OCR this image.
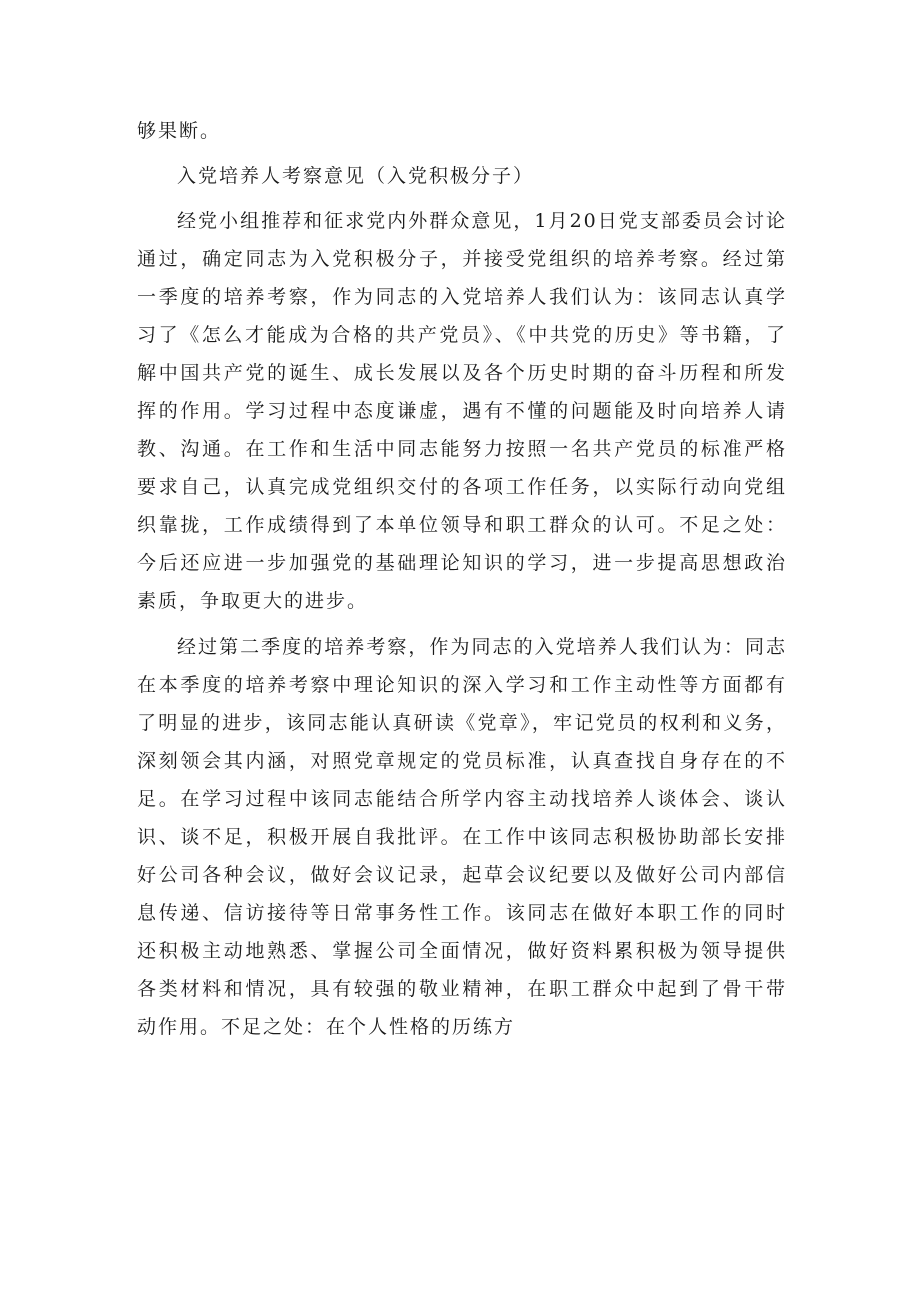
够果断。

入党培养人考察意见（入党积极分子）

经党小组推荐和征求党内外群众意见，1月20日党支部委员会讨论通过，确定同志为入党积极分子，并接受党组织的培养考察。经过第一季度的培养考察，作为同志的入党培养人我们认为：该同志认真学习了《怎么才能成为合格的共产党员》、《中共党的历史》等书籍，了解中国共产党的诞生、成长发展以及各个历史时期的奋斗历程和所发挥的作用。学习过程中态度谦虚，遇有不懂的问题能及时向培养人请教、沟通。在工作和生活中同志能努力按照一名共产党员的标准严格要求自己，认真完成党组织交付的各项工作任务，以实际行动向党组织靠拢，工作成绩得到了本单位领导和职工群众的认可。不足之处：今后还应进一步加强党的基础理论知识的学习，进一步提高思想政治素质，争取更大的进步。

经过第二季度的培养考察，作为同志的入党培养人我们认为：同志在本季度的培养考察中理论知识的深入学习和工作主动性等方面都有了明显的进步，该同志能认真研读《党章》，牢记党员的权利和义务，深刻领会其内涵，对照党章规定的党员标准，认真查找自身存在的不足。在学习过程中该同志能结合所学内容主动找培养人谈体会、谈认识、谈不足，积极开展自我批评。在工作中该同志积极协助部长安排好公司各种会议，做好会议记录，起草会议纪要以及做好公司内部信息传递、信访接待等日常事务性工作。该同志在做好本职工作的同时还积极主动地熟悉、掌握公司全面情况，做好资料累积极为领导提供各类材料和情况，具有较强的敬业精神，在职工群众中起到了骨干带动作用。不足之处：在个人性格的历练方
